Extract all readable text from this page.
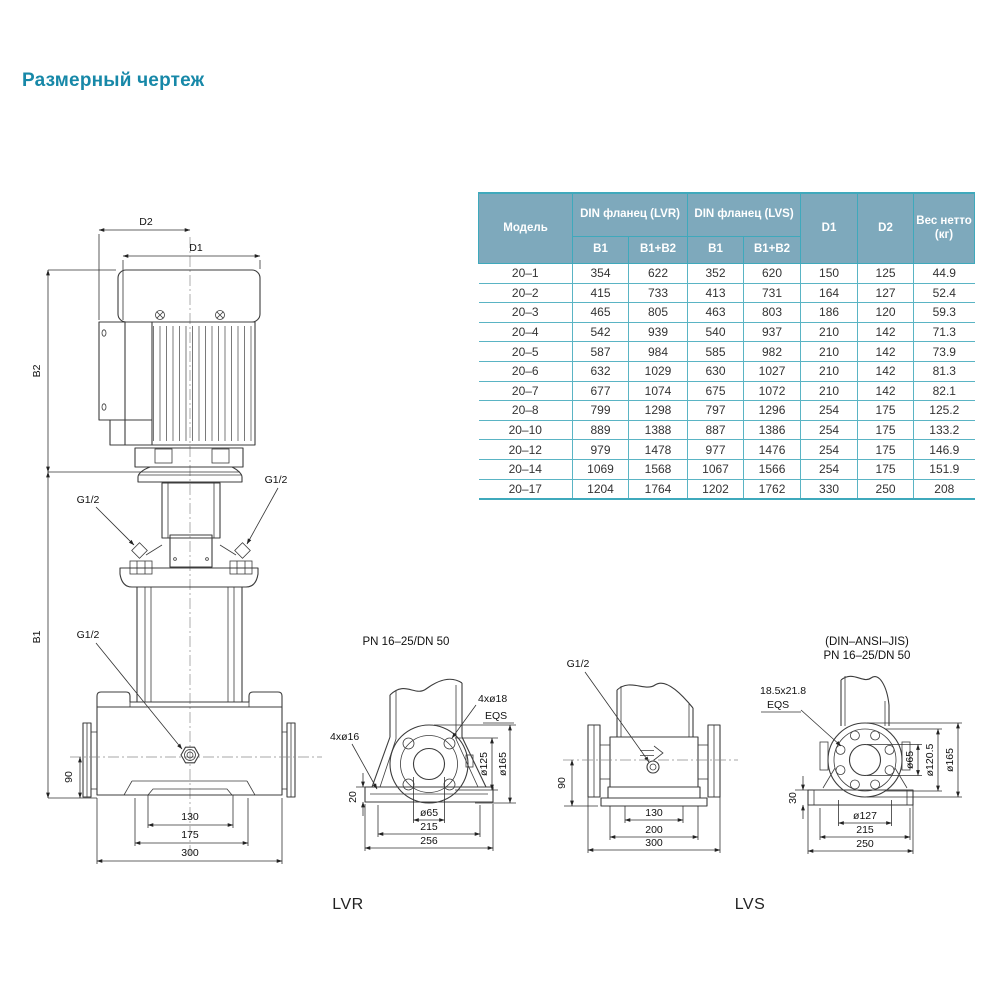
Размерный чертеж
Модель	DIN фланец (LVR)		DIN фланец (LVS)		D1	D2	Вес нетто (кг)
	B1	B1+B2	B1	B1+B2			
20–1	354	622	352	620	150	125	44.9
20–2	415	733	413	731	164	127	52.4
20–3	465	805	463	803	186	120	59.3
20–4	542	939	540	937	210	142	71.3
20–5	587	984	585	982	210	142	73.9
20–6	632	1029	630	1027	210	142	81.3
20–7	677	1074	675	1072	210	142	82.1
20–8	799	1298	797	1296	254	175	125.2
20–10	889	1388	887	1386	254	175	133.2
20–12	979	1478	977	1476	254	175	146.9
20–14	1069	1568	1067	1566	254	175	151.9
20–17	1204	1764	1202	1762	330	250	208
D2
D1
B2
B1
G1/2
G1/2
G1/2
90
130
175
300
PN 16–25/DN 50
4xø18
EQS
ø125 ø165
4xø16
20
ø65
215
256
G1/2
90
130
200
300
(DIN–ANSI–JIS)
PN 16–25/DN 50
18.5x21.8
EQS
30
ø65 ø120.5 ø165
ø127
215
250
LVR	LVS
